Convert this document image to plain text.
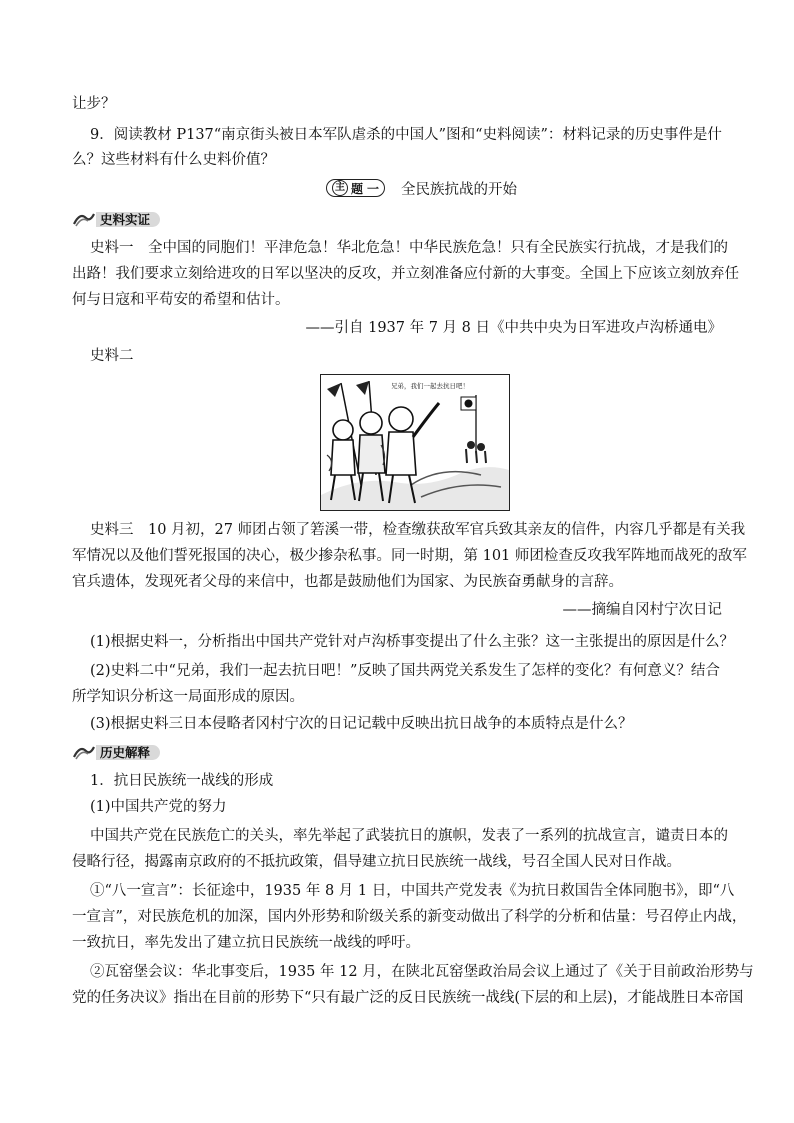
让步？
9．阅读教材 P137“南京街头被日本军队虐杀的中国人”图和“史料阅读”：材料记录的历史事件是什
么？这些材料有什么史料价值？
主 题 一 全民族抗战的开始
史料实证
史料一　全中国的同胞们！平津危急！华北危急！中华民族危急！只有全民族实行抗战，才是我们的
出路！我们要求立刻给进攻的日军以坚决的反攻，并立刻准备应付新的大事变。全国上下应该立刻放弃任
何与日寇和平苟安的希望和估计。
——引自 1937 年 7 月 8 日《中共中央为日军进攻卢沟桥通电》
史料二
兄弟，我们一起去抗日吧！
史料三　10 月初，27 师团占领了箬溪一带，检查缴获敌军官兵致其亲友的信件，内容几乎都是有关我
军情况以及他们誓死报国的决心，极少掺杂私事。同一时期，第 101 师团检查反攻我军阵地而战死的敌军
官兵遗体，发现死者父母的来信中，也都是鼓励他们为国家、为民族奋勇献身的言辞。
——摘编自冈村宁次日记
(1)根据史料一，分析指出中国共产党针对卢沟桥事变提出了什么主张？这一主张提出的原因是什么？
(2)史料二中“兄弟，我们一起去抗日吧！”反映了国共两党关系发生了怎样的变化？有何意义？结合
所学知识分析这一局面形成的原因。
(3)根据史料三日本侵略者冈村宁次的日记记载中反映出抗日战争的本质特点是什么？
历史解释
1．抗日民族统一战线的形成
(1)中国共产党的努力
中国共产党在民族危亡的关头，率先举起了武装抗日的旗帜，发表了一系列的抗战宣言，谴责日本的
侵略行径，揭露南京政府的不抵抗政策，倡导建立抗日民族统一战线，号召全国人民对日作战。
①“八一宣言”：长征途中，1935 年 8 月 1 日，中国共产党发表《为抗日救国告全体同胞书》，即“八
一宣言”，对民族危机的加深，国内外形势和阶级关系的新变动做出了科学的分析和估量：号召停止内战，
一致抗日，率先发出了建立抗日民族统一战线的呼吁。
②瓦窑堡会议：华北事变后，1935 年 12 月，在陕北瓦窑堡政治局会议上通过了《关于目前政治形势与
党的任务决议》指出在目前的形势下“只有最广泛的反日民族统一战线(下层的和上层)，才能战胜日本帝国
